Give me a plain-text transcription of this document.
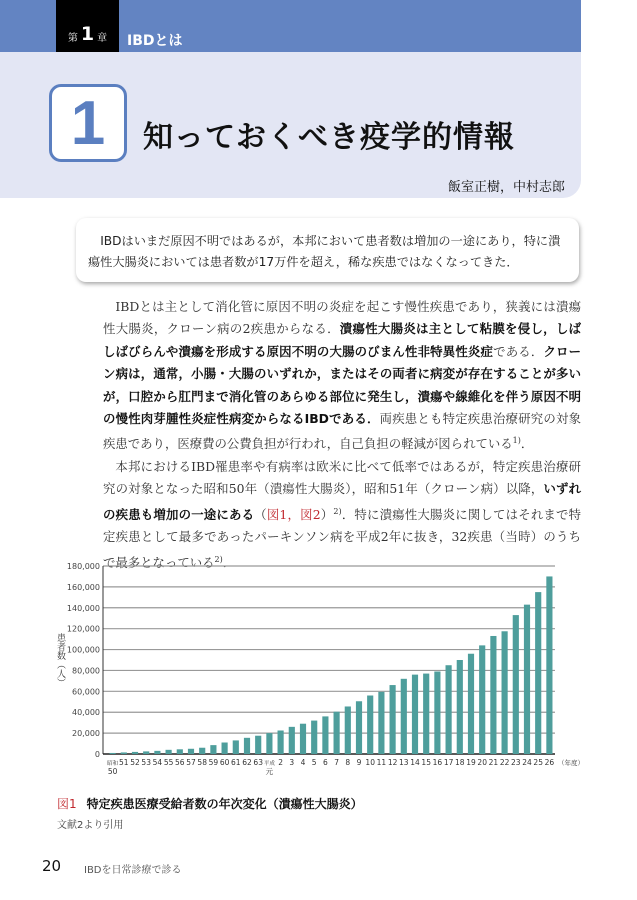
第 1 章 IBDとは
1	知っておくべき疫学的情報
飯室正樹，中村志郎
IBDはいまだ原因不明ではあるが，本邦において患者数は増加の一途にあり，特に潰瘍性大腸炎においては患者数が17万件を超え，稀な疾患ではなくなってきた．

IBDとは主として消化管に原因不明の炎症を起こす慢性疾患であり，狭義には潰瘍性大腸炎，クローン病の2疾患からなる．潰瘍性大腸炎は主として粘膜を侵し，しばしばびらんや潰瘍を形成する原因不明の大腸のびまん性非特異性炎症である．クローン病は，通常，小腸・大腸のいずれか，またはその両者に病変が存在することが多いが，口腔から肛門まで消化管のあらゆる部位に発生し，潰瘍や線維化を伴う原因不明の慢性肉芽腫性炎症性病変からなるIBDである．両疾患とも特定疾患治療研究の対象疾患であり，医療費の公費負担が行われ，自己負担の軽減が図られている$^{1)}$．

本邦におけるIBD罹患率や有病率は欧米に比べて低率ではあるが，特定疾患治療研究の対象となった昭和50年（潰瘍性大腸炎），昭和51年（クローン病）以降，いずれの疾患も増加の一途にある（図1，図2）$^{2)}$．特に潰瘍性大腸炎に関してはそれまで特定疾患として最多であったパーキンソン病を平成2年に抜き，32疾患（当時）のうちで最多となっている$^{2)}$．

0
20,000
40,000
60,000
80,000
100,000
120,000
140,000
160,000
180,000
昭和
50
51 52 53 54 55 56 57 58 59 60 61 62 63 平成
元
2 3 4 5 6 7 8 9 10 11 12 13 14 15 16 17 18 19 20 21 22 23 24 25 26 （年度）
患者数（人）
図1 特定疾患医療受給者数の年次変化（潰瘍性大腸炎）
文献2より引用
20 IBDを日常診療で診る
